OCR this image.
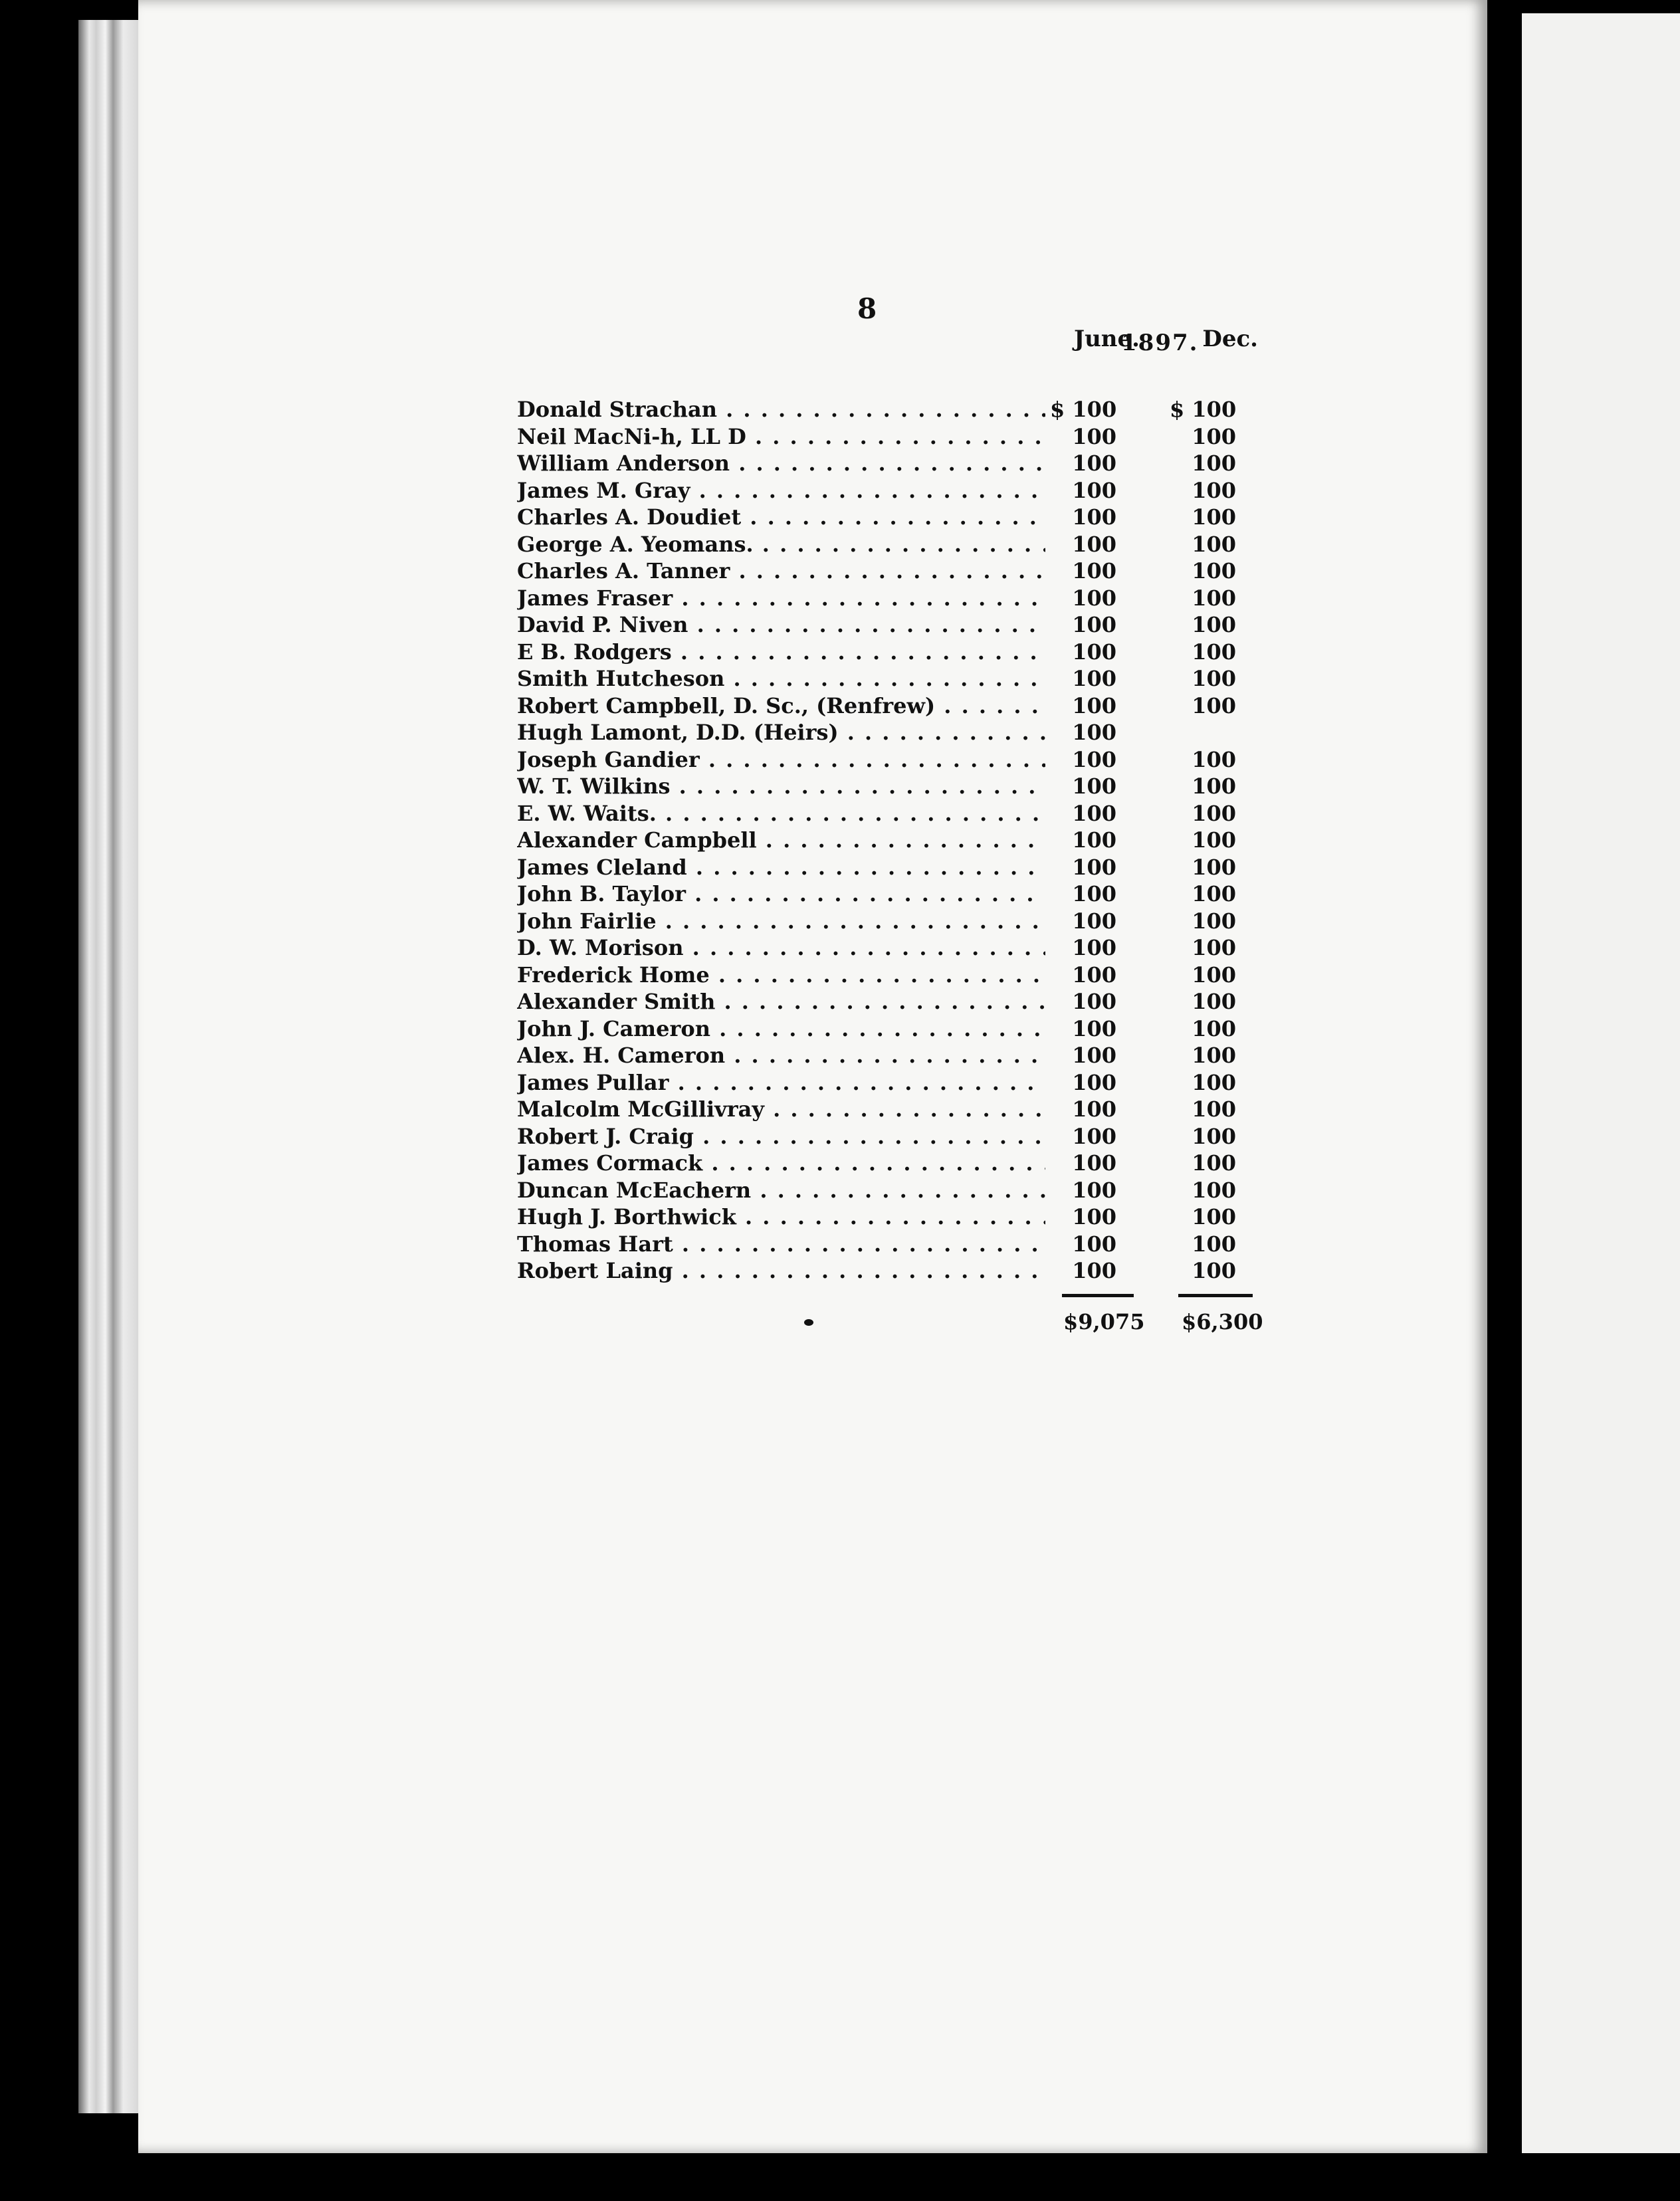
8
1897.
June.	Dec.
Donald Strachan . . .	$ 100 $ 100
Neil MacNi-h, LL D . . .	100	100
William Anderson . . .	100	100
James M. Gray . . .	100	100
Charles A. Doudiet . . .	100	100
George A. Yeomans. . . .	100	100
Charles A. Tanner . . .	100	100
James Fraser . . .	100	100
David P. Niven . . .	100	100
E B. Rodgers . . .	100	100
Smith Hutcheson . . .	100	100
Robert Campbell, D. Sc., (Renfrew) . . .	100	100
Hugh Lamont, D.D. (Heirs) . . .	100
Joseph Gandier . . .	100	100
W. T. Wilkins . . .	100	100
E. W. Waits. . . .	100	100
Alexander Campbell . . .	100	100
James Cleland . . .	100	100
John B. Taylor . . .	100	100
John Fairlie . . .	100	100
D. W. Morison . . .	100	100
Frederick Home . . .	100	100
Alexander Smith . . .	100	100
John J. Cameron . . .	100	100
Alex. H. Cameron . . .	100	100
James Pullar . . .	100	100
Malcolm McGillivray . . .	100	100
Robert J. Craig . . .	100	100
James Cormack . . .	100	100
Duncan McEachern . . .	100	100
Hugh J. Borthwick . . .	100	100
Thomas Hart . . .	100	100
Robert Laing . . .	100	100
$9,075 $6,300
